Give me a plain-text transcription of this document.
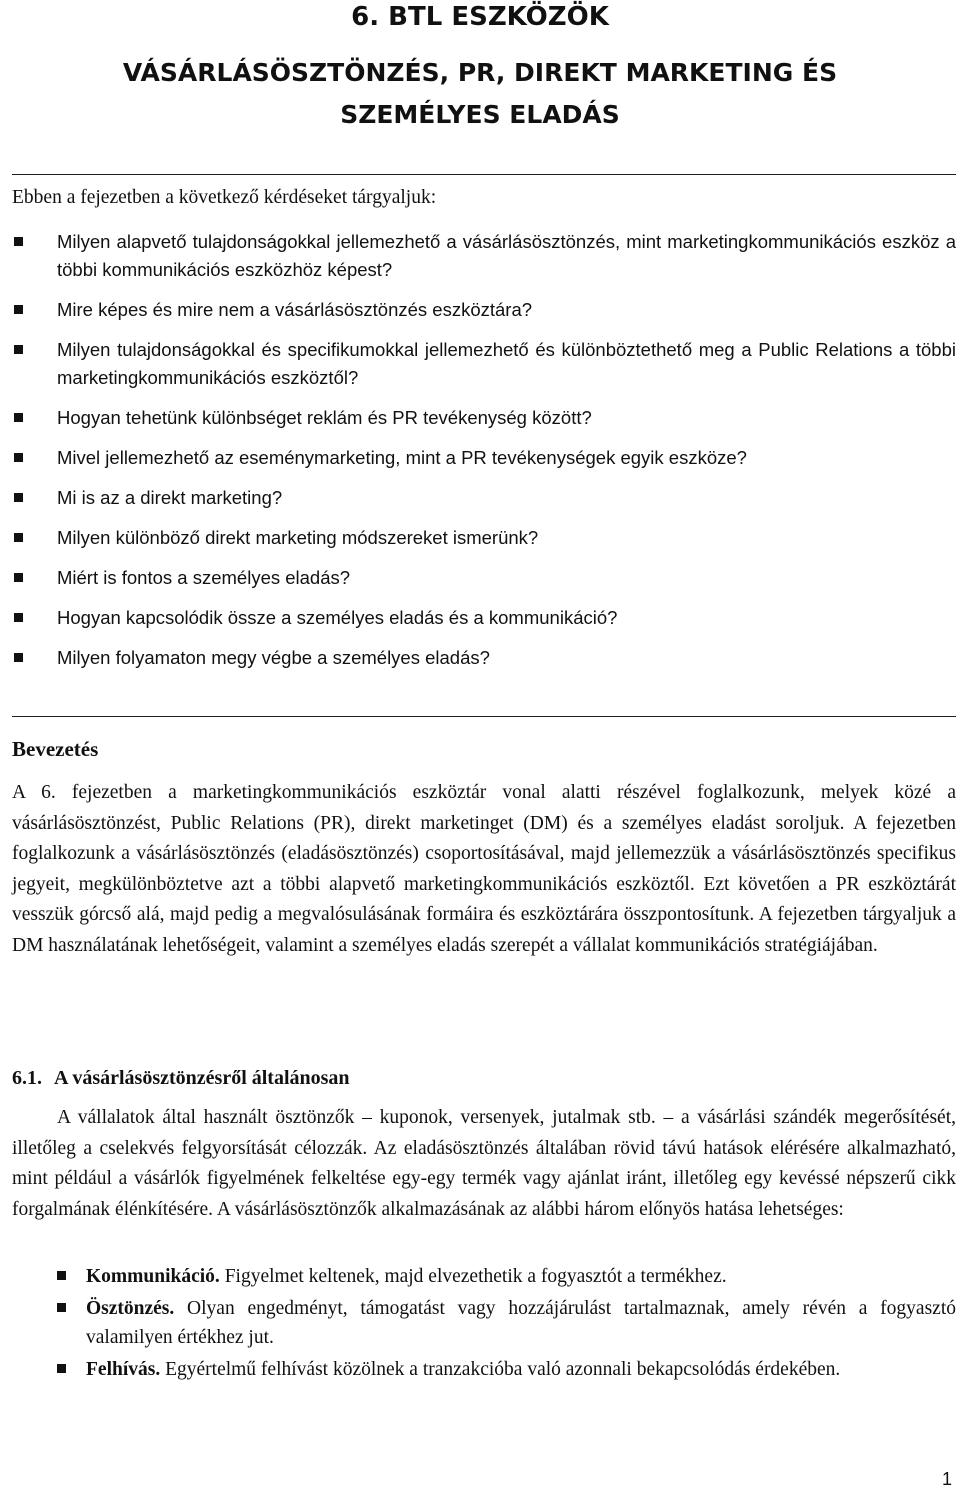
6. BTL ESZKÖZÖK
VÁSÁRLÁSÖSZTÖNZÉS, PR, DIREKT MARKETING ÉS SZEMÉLYES ELADÁS
Ebben a fejezetben a következő kérdéseket tárgyaljuk:
Milyen alapvető tulajdonságokkal jellemezhető a vásárlásösztönzés, mint marketingkommunikációs eszköz a többi kommunikációs eszközhöz képest?
Mire képes és mire nem a vásárlásösztönzés eszköztára?
Milyen tulajdonságokkal és specifikumokkal jellemezhető és különböztethető meg a Public Relations a többi marketingkommunikációs eszköztől?
Hogyan tehetünk különbséget reklám és PR tevékenység között?
Mivel jellemezhető az eseménymarketing, mint a PR tevékenységek egyik eszköze?
Mi is az a direkt marketing?
Milyen különböző direkt marketing módszereket ismerünk?
Miért is fontos a személyes eladás?
Hogyan kapcsolódik össze a személyes eladás és a kommunikáció?
Milyen folyamaton megy végbe a személyes eladás?
Bevezetés
A 6. fejezetben a marketingkommunikációs eszköztár vonal alatti részével foglalkozunk, melyek közé a vásárlásösztönzést, Public Relations (PR), direkt marketinget (DM) és a személyes eladást soroljuk. A fejezetben foglalkozunk a vásárlásösztönzés (eladásösztönzés) csoportosításával, majd jellemezzük a vásárlásösztönzés specifikus jegyeit, megkülönböztetve azt a többi alapvető marketingkommunikációs eszköztől. Ezt követően a PR eszköztárát vesszük górcső alá, majd pedig a megvalósulásának formáira és eszköztárára összpontosítunk. A fejezetben tárgyaljuk a DM használatának lehetőségeit, valamint a személyes eladás szerepét a vállalat kommunikációs stratégiájában.
6.1. A vásárlásösztönzésről általánosan
A vállalatok által használt ösztönzők – kuponok, versenyek, jutalmak stb. – a vásárlási szándék megerősítését, illetőleg a cselekvés felgyorsítását célozzák. Az eladásösztönzés általában rövid távú hatások elérésére alkalmazható, mint például a vásárlók figyelmének felkeltése egy-egy termék vagy ajánlat iránt, illetőleg egy kevéssé népszerű cikk forgalmának élénkítésére. A vásárlásösztönzők alkalmazásának az alábbi három előnyös hatása lehetséges:
Kommunikáció. Figyelmet keltenek, majd elvezethetik a fogyasztót a termékhez.
Ösztönzés. Olyan engedményt, támogatást vagy hozzájárulást tartalmaznak, amely révén a fogyasztó valamilyen értékhez jut.
Felhívás. Egyértelmű felhívást közölnek a tranzakcióba való azonnali bekapcsolódás érdekében.
1
